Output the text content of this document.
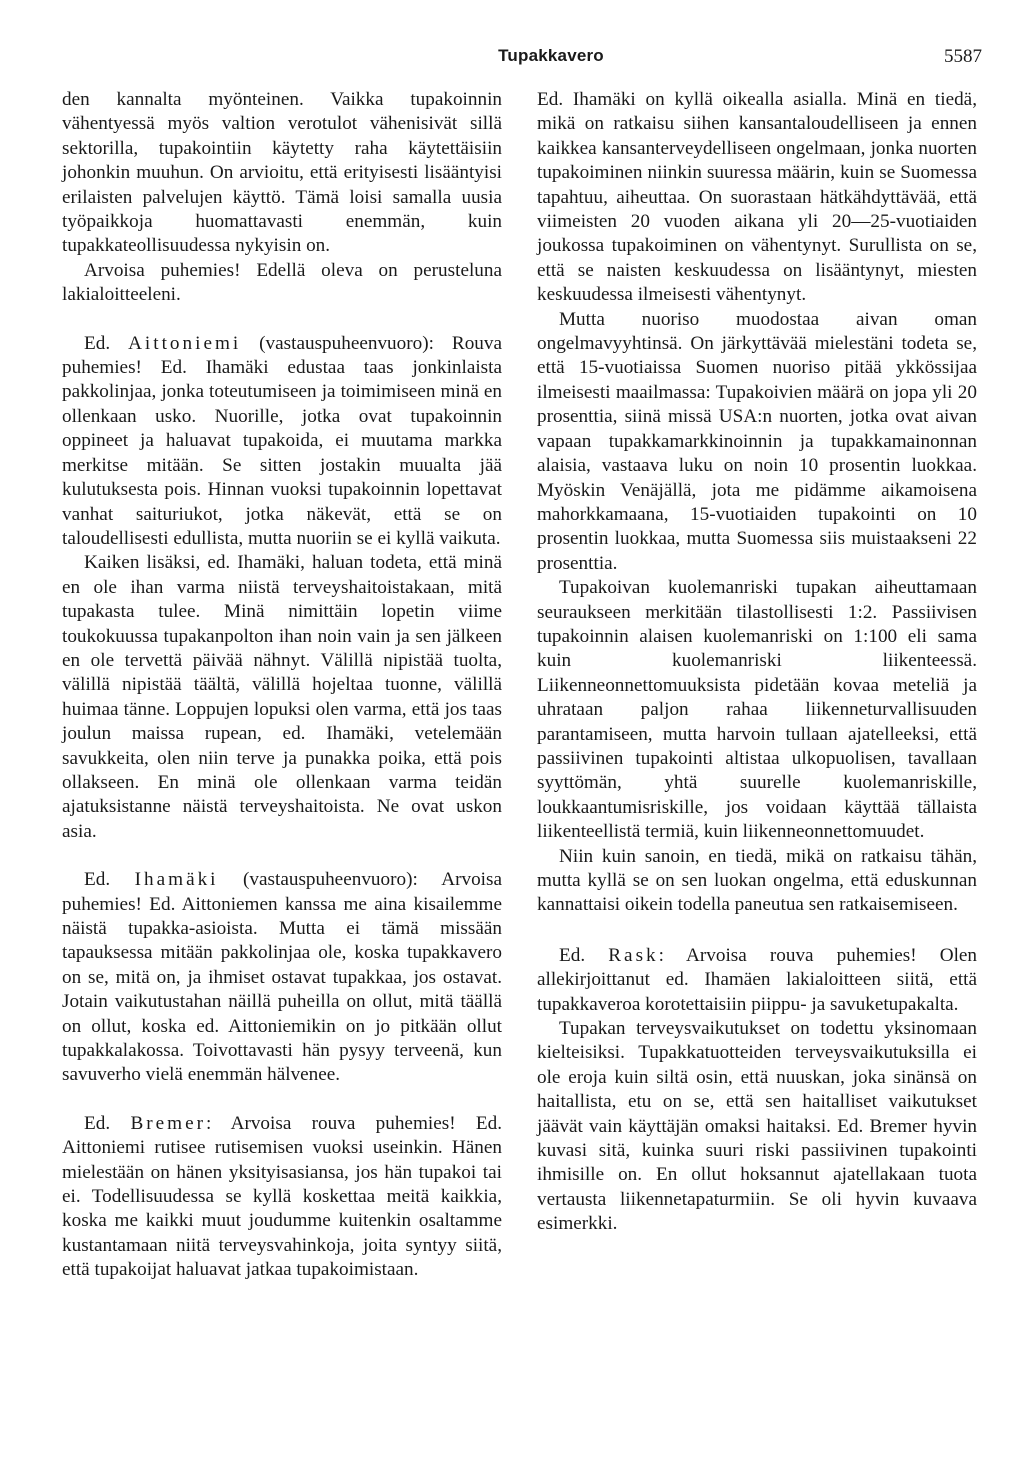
Tupakkavero	5587

den kannalta myönteinen. Vaikka tupakoinnin vähentyessä myös valtion verotulot vähenisivät sillä sektorilla, tupakointiin käytetty raha käytettäisiin johonkin muuhun. On arvioitu, että erityisesti lisääntyisi erilaisten palvelujen käyttö. Tämä loisi samalla uusia työpaikkoja huomattavasti enemmän, kuin tupakkateollisuudessa nykyisin on.

Arvoisa puhemies! Edellä oleva on perusteluna lakialoitteeleni.

Ed. Aittoniemi (vastauspuheenvuoro): Rouva puhemies! Ed. Ihamäki edustaa taas jonkinlaista pakkolinjaa, jonka toteutumiseen ja toimimiseen minä en ollenkaan usko. Nuorille, jotka ovat tupakoinnin oppineet ja haluavat tupakoida, ei muutama markka merkitse mitään. Se sitten jostakin muualta jää kulutuksesta pois. Hinnan vuoksi tupakoinnin lopettavat vanhat saituriukot, jotka näkevät, että se on taloudellisesti edullista, mutta nuoriin se ei kyllä vaikuta.

Kaiken lisäksi, ed. Ihamäki, haluan todeta, että minä en ole ihan varma niistä terveyshaitoistakaan, mitä tupakasta tulee. Minä nimittäin lopetin viime toukokuussa tupakanpolton ihan noin vain ja sen jälkeen en ole tervettä päivää nähnyt. Välillä nipistää tuolta, välillä nipistää täältä, välillä hojeltaa tuonne, välillä huimaa tänne. Loppujen lopuksi olen varma, että jos taas joulun maissa rupean, ed. Ihamäki, vetelemään savukkeita, olen niin terve ja punakka poika, että pois ollakseen. En minä ole ollenkaan varma teidän ajatuksistanne näistä terveyshaitoista. Ne ovat uskon asia.

Ed. Ihamäki (vastauspuheenvuoro): Arvoisa puhemies! Ed. Aittoniemen kanssa me aina kisailemme näistä tupakka-asioista. Mutta ei tämä missään tapauksessa mitään pakkolinjaa ole, koska tupakkavero on se, mitä on, ja ihmiset ostavat tupakkaa, jos ostavat. Jotain vaikutustahan näillä puheilla on ollut, mitä täällä on ollut, koska ed. Aittoniemikin on jo pitkään ollut tupakkalakossa. Toivottavasti hän pysyy terveenä, kun savuverho vielä enemmän hälvenee.

Ed. Bremer: Arvoisa rouva puhemies! Ed. Aittoniemi rutisee rutisemisen vuoksi useinkin. Hänen mielestään on hänen yksityisasiansa, jos hän tupakoi tai ei. Todellisuudessa se kyllä koskettaa meitä kaikkia, koska me kaikki muut joudumme kuitenkin osaltamme kustantamaan niitä terveysvahinkoja, joita syntyy siitä, että tupakoijat haluavat jatkaa tupakoimistaan.

Ed. Ihamäki on kyllä oikealla asialla. Minä en tiedä, mikä on ratkaisu siihen kansantaloudelliseen ja ennen kaikkea kansanterveydelliseen ongelmaan, jonka nuorten tupakoiminen niinkin suuressa määrin, kuin se Suomessa tapahtuu, aiheuttaa. On suorastaan hätkähdyttävää, että viimeisten 20 vuoden aikana yli 20—25-vuotiaiden joukossa tupakoiminen on vähentynyt. Surullista on se, että se naisten keskuudessa on lisääntynyt, miesten keskuudessa ilmeisesti vähentynyt.

Mutta nuoriso muodostaa aivan oman ongelmavyyhtinsä. On järkyttävää mielestäni todeta se, että 15-vuotiaissa Suomen nuoriso pitää ykkössijaa ilmeisesti maailmassa: Tupakoivien määrä on jopa yli 20 prosenttia, siinä missä USA:n nuorten, jotka ovat aivan vapaan tupakkamarkkinoinnin ja tupakkamainonnan alaisia, vastaava luku on noin 10 prosentin luokkaa. Myöskin Venäjällä, jota me pidämme aikamoisena mahorkkamaana, 15-vuotiaiden tupakointi on 10 prosentin luokkaa, mutta Suomessa siis muistaakseni 22 prosenttia.

Tupakoivan kuolemanriski tupakan aiheuttamaan seuraukseen merkitään tilastollisesti 1:2. Passiivisen tupakoinnin alaisen kuolemanriski on 1:100 eli sama kuin kuolemanriski liikenteessä. Liikenneonnettomuuksista pidetään kovaa meteliä ja uhrataan paljon rahaa liikenneturvallisuuden parantamiseen, mutta harvoin tullaan ajatelleeksi, että passiivinen tupakointi altistaa ulkopuolisen, tavallaan syyttömän, yhtä suurelle kuolemanriskille, loukkaantumisriskille, jos voidaan käyttää tällaista liikenteellistä termiä, kuin liikenneonnettomuudet.

Niin kuin sanoin, en tiedä, mikä on ratkaisu tähän, mutta kyllä se on sen luokan ongelma, että eduskunnan kannattaisi oikein todella paneutua sen ratkaisemiseen.

Ed. Rask: Arvoisa rouva puhemies! Olen allekirjoittanut ed. Ihamäen lakialoitteen siitä, että tupakkaveroa korotettaisiin piippu- ja savuketupakalta.

Tupakan terveysvaikutukset on todettu yksinomaan kielteisiksi. Tupakkatuotteiden terveysvaikutuksilla ei ole eroja kuin siltä osin, että nuuskan, joka sinänsä on haitallista, etu on se, että sen haitalliset vaikutukset jäävät vain käyttäjän omaksi haitaksi. Ed. Bremer hyvin kuvasi sitä, kuinka suuri riski passiivinen tupakointi ihmisille on. En ollut hoksannut ajatellakaan tuota vertausta liikennetapaturmiin. Se oli hyvin kuvaava esimerkki.
